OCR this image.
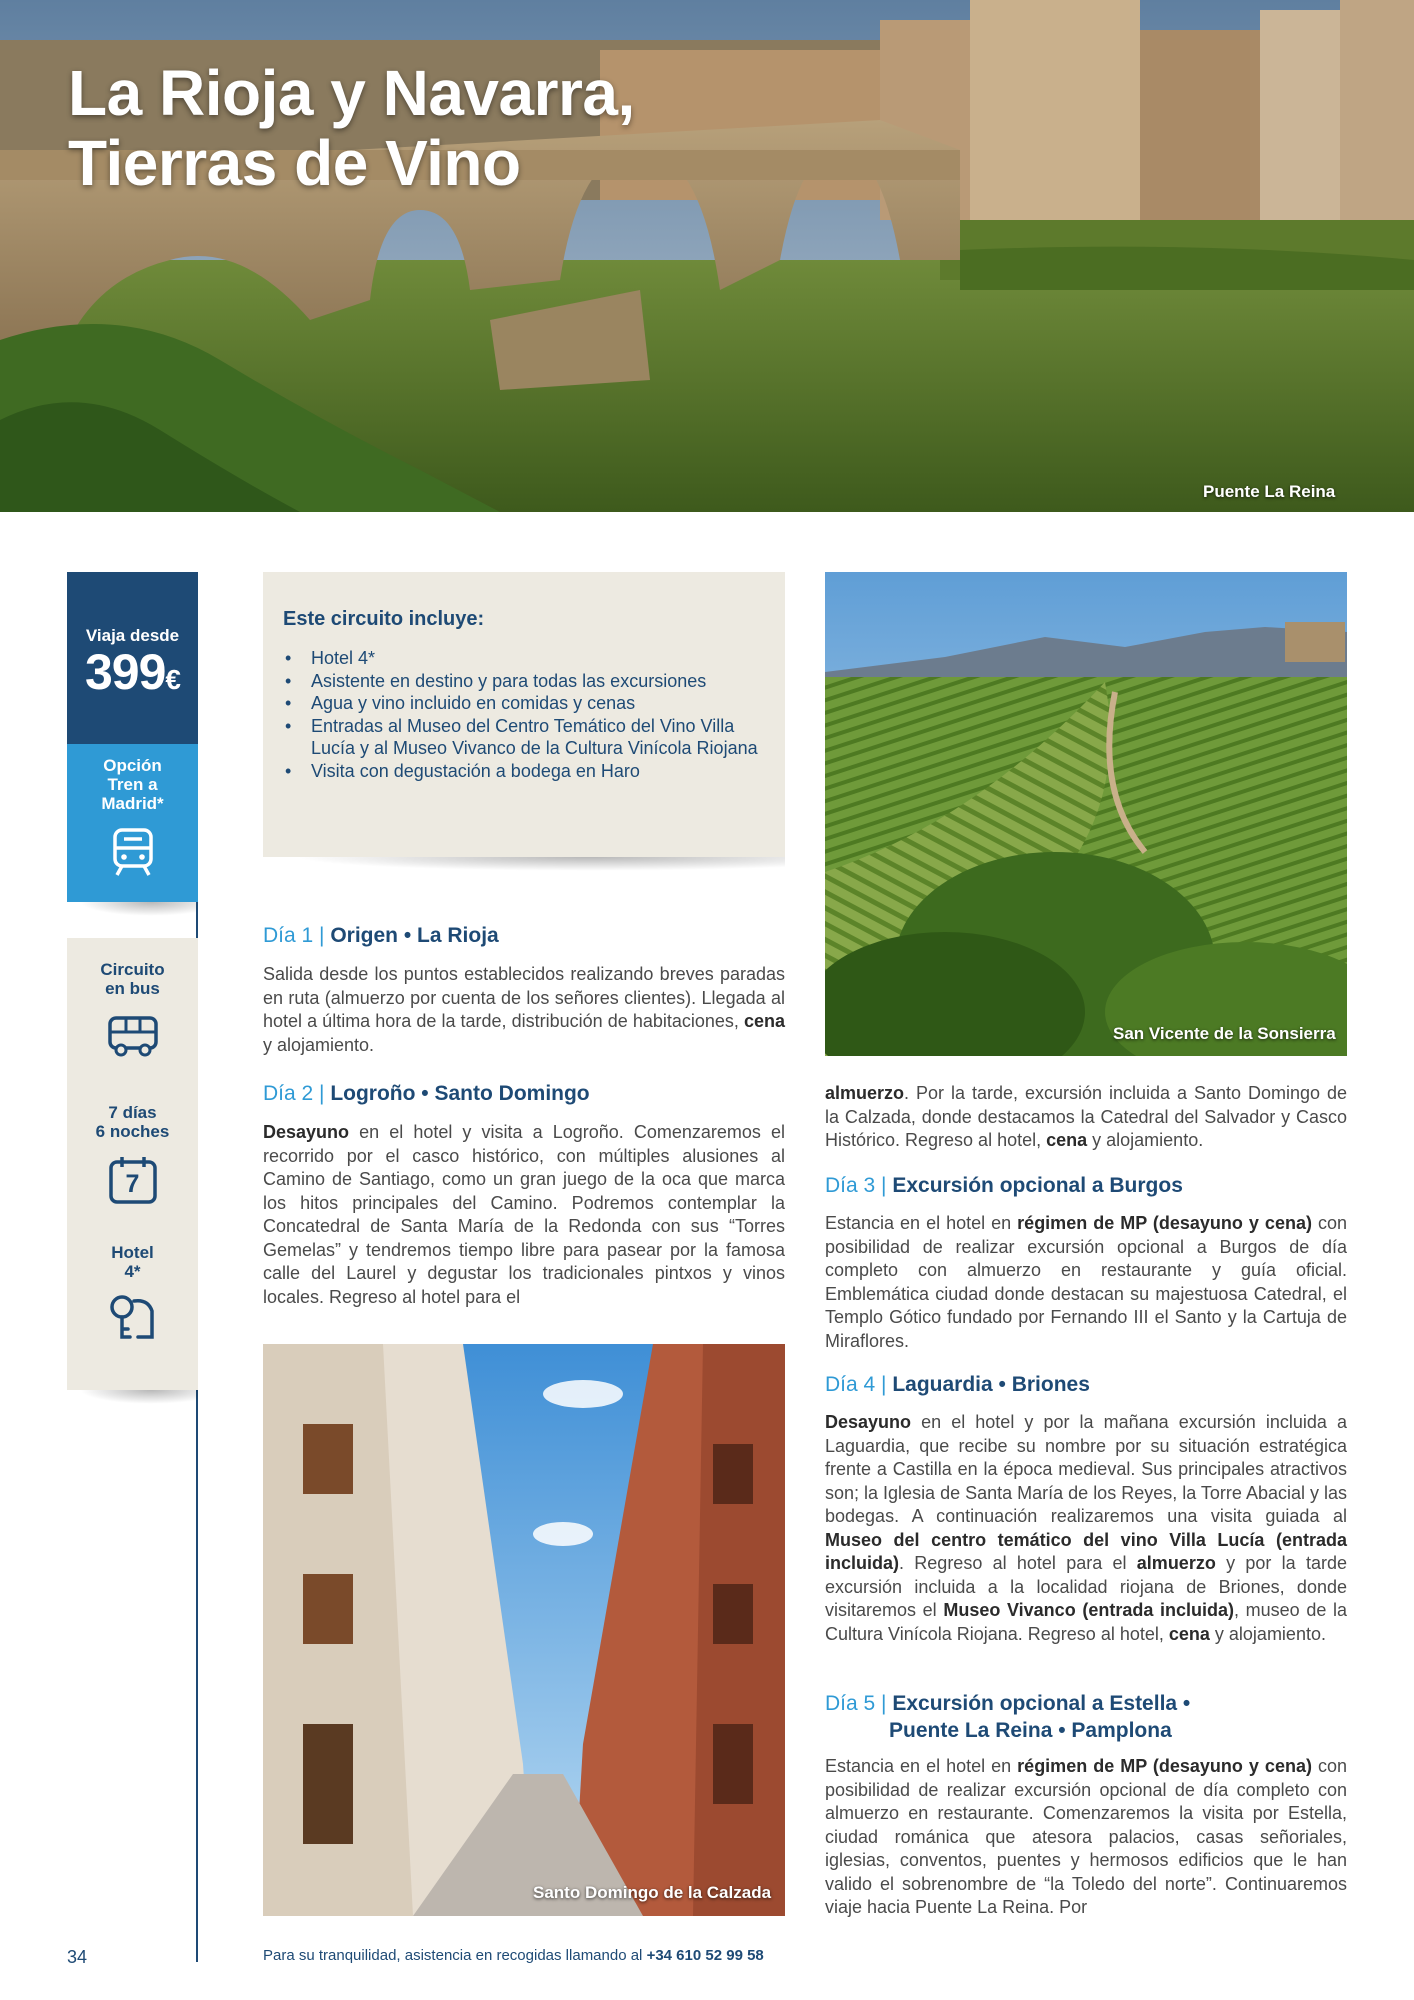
La Rioja y Navarra,
Tierras de Vino
Puente La Reina
Viaja desde
399€
Opción
Tren a
Madrid*
Circuito
en bus
7 días
6 noches
7
Hotel
4*
Este circuito incluye:
• Hotel 4*
• Asistente en destino y para todas las excursiones
• Agua y vino incluido en comidas y cenas
• Entradas al Museo del Centro Temático del Vino Villa Lucía y al Museo Vivanco de la Cultura Vinícola Riojana
• Visita con degustación a bodega en Haro
Día 1 | Origen • La Rioja
Salida desde los puntos establecidos realizando breves paradas en ruta (almuerzo por cuenta de los señores clientes). Llegada al hotel a última hora de la tarde, distribución de habitaciones, cena y alojamiento.
Día 2 | Logroño • Santo Domingo
Desayuno en el hotel y visita a Logroño. Comenzaremos el recorrido por el casco histórico, con múltiples alusiones al Camino de Santiago, como un gran juego de la oca que marca los hitos principales del Camino. Podremos contemplar la Concatedral de Santa María de la Redonda con sus “Torres Gemelas” y tendremos tiempo libre para pasear por la famosa calle del Laurel y degustar los tradicionales pintxos y vinos locales. Regreso al hotel para el
Santo Domingo de la Calzada
San Vicente de la Sonsierra
almuerzo. Por la tarde, excursión incluida a Santo Domingo de la Calzada, donde destacamos la Catedral del Salvador y Casco Histórico. Regreso al hotel, cena y alojamiento.
Día 3 | Excursión opcional a Burgos
Estancia en el hotel en régimen de MP (desayuno y cena) con posibilidad de realizar excursión opcional a Burgos de día completo con almuerzo en restaurante y guía oficial. Emblemática ciudad donde destacan su majestuosa Catedral, el Templo Gótico fundado por Fernando III el Santo y la Cartuja de Miraflores.
Día 4 | Laguardia • Briones
Desayuno en el hotel y por la mañana excursión incluida a Laguardia, que recibe su nombre por su situación estratégica frente a Castilla en la época medieval. Sus principales atractivos son; la Iglesia de Santa María de los Reyes, la Torre Abacial y las bodegas. A continuación realizaremos una visita guiada al Museo del centro temático del vino Villa Lucía (entrada incluida). Regreso al hotel para el almuerzo y por la tarde excursión incluida a la localidad riojana de Briones, donde visitaremos el Museo Vivanco (entrada incluida), museo de la Cultura Vinícola Riojana. Regreso al hotel, cena y alojamiento.
Día 5 | Excursión opcional a Estella •
Puente La Reina • Pamplona
Estancia en el hotel en régimen de MP (desayuno y cena) con posibilidad de realizar excursión opcional de día completo con almuerzo en restaurante. Comenzaremos la visita por Estella, ciudad románica que atesora palacios, casas señoriales, iglesias, conventos, puentes y hermosos edificios que le han valido el sobrenombre de “la Toledo del norte”. Continuaremos viaje hacia Puente La Reina. Por
34	Para su tranquilidad, asistencia en recogidas llamando al +34 610 52 99 58
